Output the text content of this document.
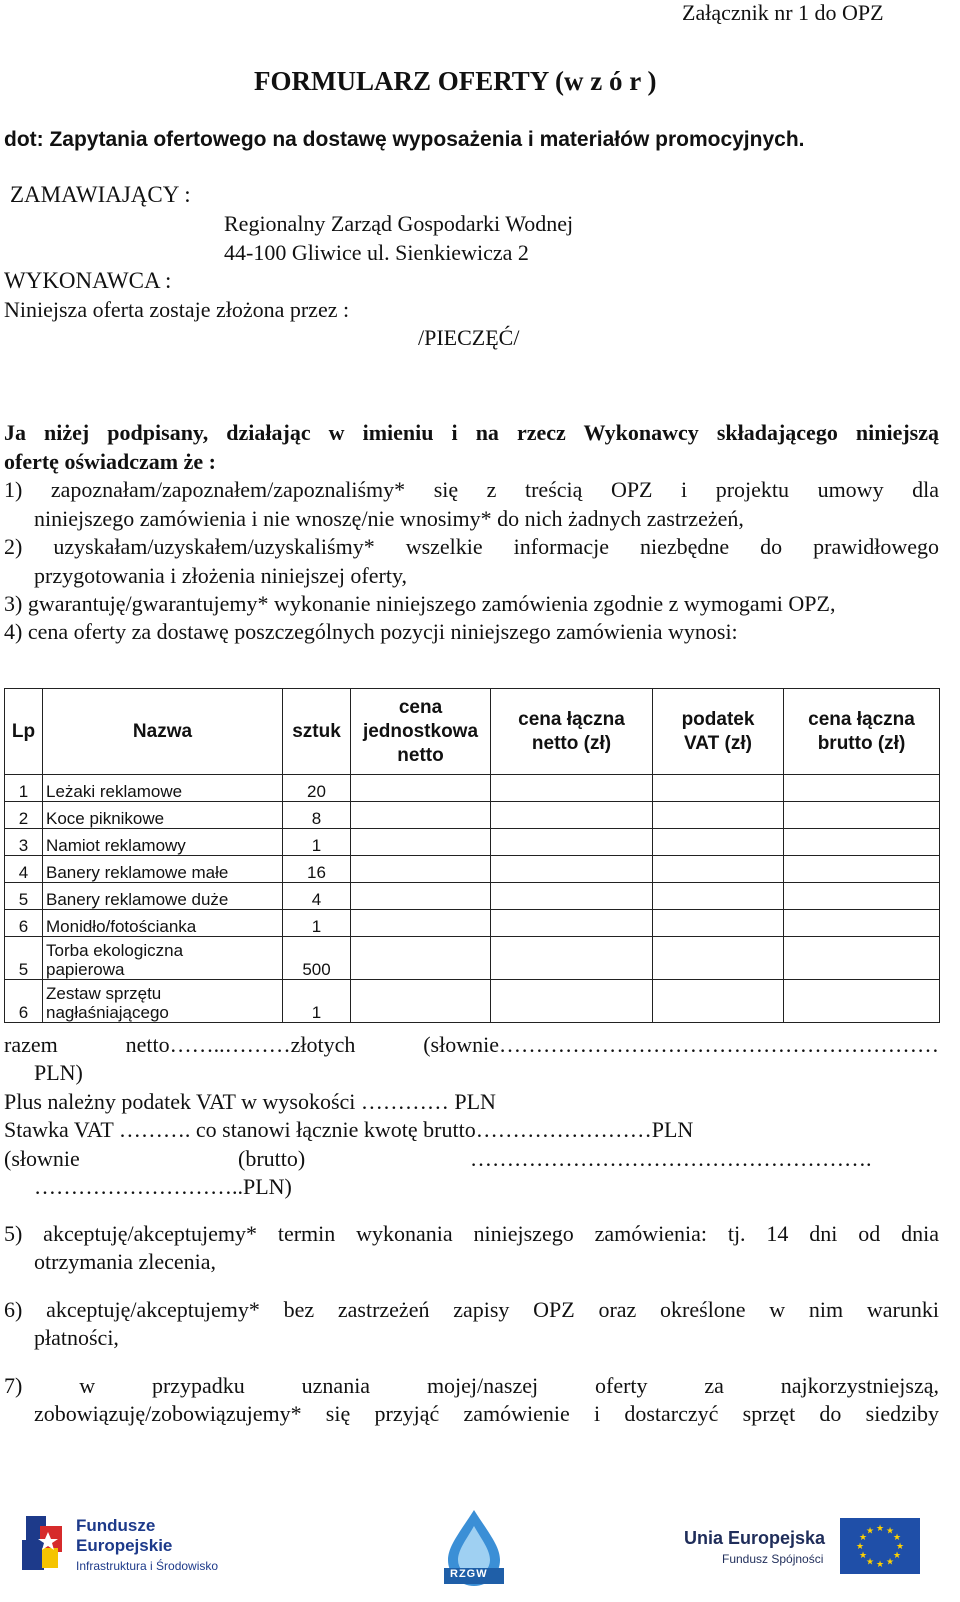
Załącznik nr 1 do OPZ
FORMULARZ OFERTY (w z ó r )
dot: Zapytania ofertowego na dostawę wyposażenia i materiałów promocyjnych.
ZAMAWIAJĄCY :
Regionalny Zarząd Gospodarki Wodnej
44-100 Gliwice ul. Sienkiewicza 2
WYKONAWCA :
Niniejsza oferta zostaje złożona przez :
/PIECZĘĆ/
Ja niżej podpisany, działając w imieniu i na rzecz Wykonawcy składającego niniejszą
ofertę oświadczam że :
1) zapoznałam/zapoznałem/zapoznaliśmy* się z treścią OPZ i projektu umowy dla
niniejszego zamówienia i nie wnoszę/nie wnosimy* do nich żadnych zastrzeżeń,
2) uzyskałam/uzyskałem/uzyskaliśmy* wszelkie informacje niezbędne do prawidłowego
przygotowania i złożenia niniejszej oferty,
3) gwarantuję/gwarantujemy* wykonanie niniejszego zamówienia zgodnie z wymogami OPZ,
4) cena oferty za dostawę poszczególnych pozycji niniejszego zamówienia wynosi:
Lp	Nazwa	sztuk	cena jednostkowa netto	cena łączna netto (zł)	podatek VAT (zł)	cena łączna brutto (zł)
1	Leżaki reklamowe	20				
2	Koce piknikowe	8				
3	Namiot reklamowy	1				
4	Banery reklamowe małe	16				
5	Banery reklamowe duże	4				
6	Monidło/fotościanka	1				
5	Torba ekologiczna
papierowa	500				
6	Zestaw sprzętu
nagłaśniającego	1				
razem netto……..………złotych (słownie……………………………………………………
PLN)
Plus należny podatek VAT w wysokości ………… PLN
Stawka VAT ………. co stanowi łącznie kwotę brutto……………………PLN
(słownie	(brutto)	……………………………………………….
………………………..PLN)
5) akceptuję/akceptujemy* termin wykonania niniejszego zamówienia: tj. 14 dni od dnia
otrzymania zlecenia,
6) akceptuję/akceptujemy* bez zastrzeżeń zapisy OPZ oraz określone w nim warunki
płatności,
7) w przypadku uznania mojej/naszej oferty za najkorzystniejszą,
zobowiązuję/zobowiązujemy* się przyjąć zamówienie i dostarczyć sprzęt do siedziby
Fundusze
Europejskie
Infrastruktura i Środowisko
RZGW
Unia Europejska
Fundusz Spójności
★ ★
★
★
★
★
★
★
★
★
★
★
